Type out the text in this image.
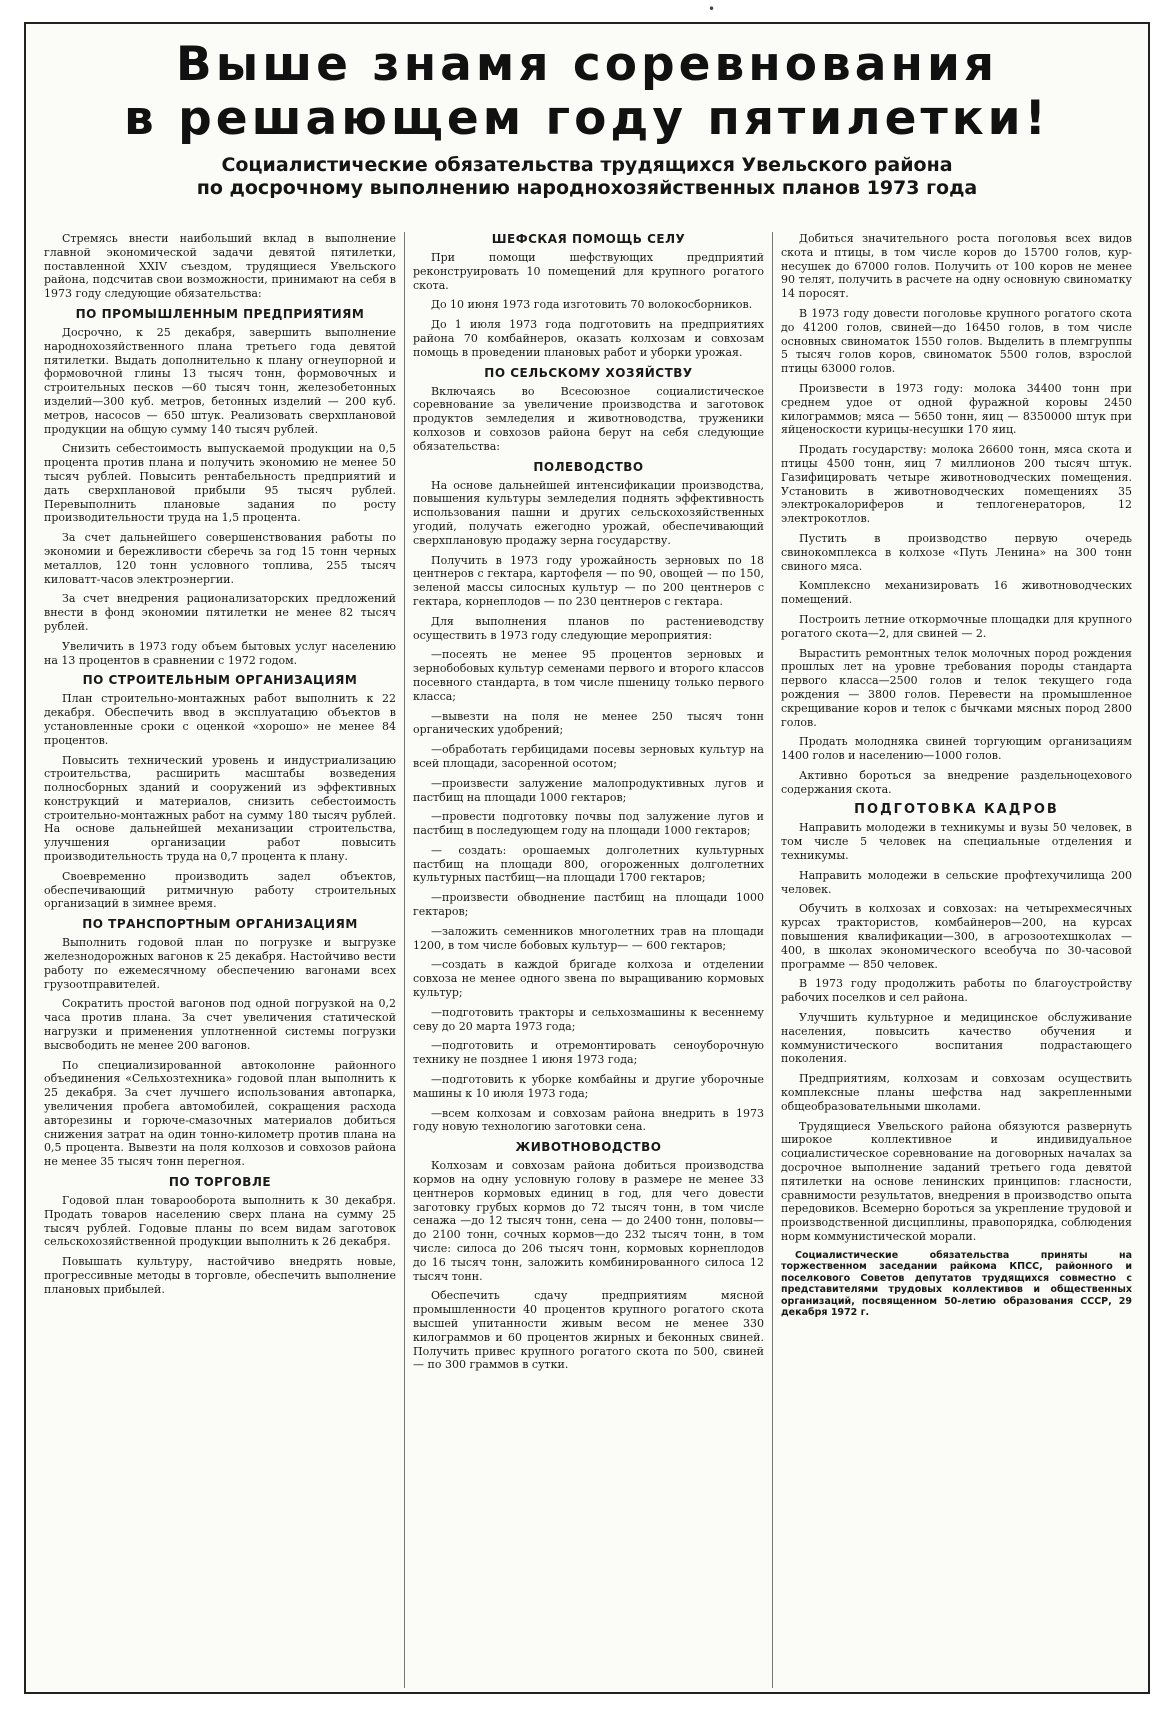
•
Выше знамя соревнования
в решающем году пятилетки!
Социалистические обязательства трудящихся Увельского района
по досрочному выполнению народнохозяйственных планов 1973 года

Стремясь внести наибольший вклад в выполнение главной экономической задачи девятой пятилетки, поставленной XXIV съездом, трудящиеся Увельского района, подсчитав свои возможности, принимают на себя в 1973 году следующие обязательства:

ПО ПРОМЫШЛЕННЫМ ПРЕДПРИЯТИЯМ

Досрочно, к 25 декабря, завершить выполнение народнохозяйственного плана третьего года девятой пятилетки. Выдать дополнительно к плану огнеупорной и формовочной глины 13 тысяч тонн, формовочных и строительных песков —60 тысяч тонн, железобетонных изделий—300 куб. метров, бетонных изделий — 200 куб. метров, насосов — 650 штук. Реализовать сверхплановой продукции на общую сумму 140 тысяч рублей.

Снизить себестоимость выпускаемой продукции на 0,5 процента против плана и получить экономию не менее 50 тысяч рублей. Повысить рентабельность предприятий и дать сверхплановой прибыли 95 тысяч рублей. Перевыполнить плановые задания по росту производительности труда на 1,5 процента.

За счет дальнейшего совершенствования работы по экономии и бережливости сберечь за год 15 тонн черных металлов, 120 тонн условного топлива, 255 тысяч киловатт-часов электроэнергии.

За счет внедрения рационализаторских предложений внести в фонд экономии пятилетки не менее 82 тысяч рублей.

Увеличить в 1973 году объем бытовых услуг населению на 13 процентов в сравнении с 1972 годом.

ПО СТРОИТЕЛЬНЫМ ОРГАНИЗАЦИЯМ

План строительно-монтажных работ выполнить к 22 декабря. Обеспечить ввод в эксплуатацию объектов в установленные сроки с оценкой «хорошо» не менее 84 процентов.

Повысить технический уровень и индустриализацию строительства, расширить масштабы возведения полносборных зданий и сооружений из эффективных конструкций и материалов, снизить себестоимость строительно-монтажных работ на сумму 180 тысяч рублей. На основе дальнейшей механизации строительства, улучшения организации работ повысить производительность труда на 0,7 процента к плану.

Своевременно производить задел объектов, обеспечивающий ритмичную работу строительных организаций в зимнее время.

ПО ТРАНСПОРТНЫМ ОРГАНИЗАЦИЯМ

Выполнить годовой план по погрузке и выгрузке железнодорожных вагонов к 25 декабря. Настойчиво вести работу по ежемесячному обеспечению вагонами всех грузоотправителей.

Сократить простой вагонов под одной погрузкой на 0,2 часа против плана. За счет увеличения статической нагрузки и применения уплотненной системы погрузки высвободить не менее 200 вагонов.

По специализированной автоколонне районного объединения «Сельхозтехника» годовой план выполнить к 25 декабря. За счет лучшего использования автопарка, увеличения пробега автомобилей, сокращения расхода авторезины и горюче-смазочных материалов добиться снижения затрат на один тонно-километр против плана на 0,5 процента. Вывезти на поля колхозов и совхозов района не менее 35 тысяч тонн перегноя.

ПО ТОРГОВЛЕ

Годовой план товарооборота выполнить к 30 декабря. Продать товаров населению сверх плана на сумму 25 тысяч рублей. Годовые планы по всем видам заготовок сельскохозяйственной продукции выполнить к 26 декабря.

Повышать культуру, настойчиво внедрять новые, прогрессивные методы в торговле, обеспечить выполнение плановых прибылей.

ШЕФСКАЯ ПОМОЩЬ СЕЛУ

При помощи шефствующих предприятий реконструировать 10 помещений для крупного рогатого скота.

До 10 июня 1973 года изготовить 70 волокосборников.

До 1 июля 1973 года подготовить на предприятиях района 70 комбайнеров, оказать колхозам и совхозам помощь в проведении плановых работ и уборки урожая.

ПО СЕЛЬСКОМУ ХОЗЯЙСТВУ

Включаясь во Всесоюзное социалистическое соревнование за увеличение производства и заготовок продуктов земледелия и животноводства, труженики колхозов и совхозов района берут на себя следующие обязательства:

ПОЛЕВОДСТВО

На основе дальнейшей интенсификации производства, повышения культуры земледелия поднять эффективность использования пашни и других сельскохозяйственных угодий, получать ежегодно урожай, обеспечивающий сверхплановую продажу зерна государству.

Получить в 1973 году урожайность зерновых по 18 центнеров с гектара, картофеля — по 90, овощей — по 150, зеленой массы силосных культур — по 200 центнеров с гектара, корнеплодов — по 230 центнеров с гектара.

Для выполнения планов по растениеводству осуществить в 1973 году следующие мероприятия:

—посеять не менее 95 процентов зерновых и зернобобовых культур семенами первого и второго классов посевного стандарта, в том числе пшеницу только первого класса;

—вывезти на поля не менее 250 тысяч тонн органических удобрений;

—обработать гербицидами посевы зерновых культур на всей площади, засоренной осотом;

—произвести залужение малопродуктивных лугов и пастбищ на площади 1000 гектаров;

—провести подготовку почвы под залужение лугов и пастбищ в последующем году на площади 1000 гектаров;

— создать: орошаемых долголетних культурных пастбищ на площади 800, огороженных долголетних культурных пастбищ—на площади 1700 гектаров;

—произвести обводнение пастбищ на площади 1000 гектаров;

—заложить семенников многолетних трав на площади 1200, в том числе бобовых культур— — 600 гектаров;

—создать в каждой бригаде колхоза и отделении совхоза не менее одного звена по выращиванию кормовых культур;

—подготовить тракторы и сельхозмашины к весеннему севу до 20 марта 1973 года;

—подготовить и отремонтировать сеноуборочную технику не позднее 1 июня 1973 года;

—подготовить к уборке комбайны и другие уборочные машины к 10 июля 1973 года;

—всем колхозам и совхозам района внедрить в 1973 году новую технологию заготовки сена.

ЖИВОТНОВОДСТВО

Колхозам и совхозам района добиться производства кормов на одну условную голову в размере не менее 33 центнеров кормовых единиц в год, для чего довести заготовку грубых кормов до 72 тысяч тонн, в том числе сенажа —до 12 тысяч тонн, сена — до 2400 тонн, половы—до 2100 тонн, сочных кормов—до 232 тысяч тонн, в том числе: силоса до 206 тысяч тонн, кормовых корнеплодов до 16 тысяч тонн, заложить комбинированного силоса 12 тысяч тонн.

Обеспечить сдачу предприятиям мясной промышленности 40 процентов крупного рогатого скота высшей упитанности живым весом не менее 330 килограммов и 60 процентов жирных и беконных свиней. Получить привес крупного рогатого скота по 500, свиней — по 300 граммов в сутки.

Добиться значительного роста поголовья всех видов скота и птицы, в том числе коров до 15700 голов, кур-несушек до 67000 голов. Получить от 100 коров не менее 90 телят, получить в расчете на одну основную свиноматку 14 поросят.

В 1973 году довести поголовье крупного рогатого скота до 41200 голов, свиней—до 16450 голов, в том числе основных свиноматок 1550 голов. Выделить в племгруппы 5 тысяч голов коров, свиноматок 5500 голов, взрослой птицы 63000 голов.

Произвести в 1973 году: молока 34400 тонн при среднем удое от одной фуражной коровы 2450 килограммов; мяса — 5650 тонн, яиц — 8350000 штук при яйценоскости курицы-несушки 170 яиц.

Продать государству: молока 26600 тонн, мяса скота и птицы 4500 тонн, яиц 7 миллионов 200 тысяч штук. Газифицировать четыре животноводческих помещения. Установить в животноводческих помещениях 35 электрокалориферов и теплогенераторов, 12 электрокотлов.

Пустить в производство первую очередь свинокомплекса в колхозе «Путь Ленина» на 300 тонн свиного мяса.

Комплексно механизировать 16 животноводческих помещений.

Построить летние откормочные площадки для крупного рогатого скота—2, для свиней — 2.

Вырастить ремонтных телок молочных пород рождения прошлых лет на уровне требования породы стандарта первого класса—2500 голов и телок текущего года рождения — 3800 голов. Перевести на промышленное скрещивание коров и телок с бычками мясных пород 2800 голов.

Продать молодняка свиней торгующим организациям 1400 голов и населению—1000 голов.

Активно бороться за внедрение раздельноцехового содержания скота.

ПОДГОТОВКА КАДРОВ

Направить молодежи в техникумы и вузы 50 человек, в том числе 5 человек на специальные отделения и техникумы.

Направить молодежи в сельские профтехучилища 200 человек.

Обучить в колхозах и совхозах: на четырехмесячных курсах трактористов, комбайнеров—200, на курсах повышения квалификации—300, в агрозоотехшколах — 400, в школах экономического всеобуча по 30-часовой программе — 850 человек.

В 1973 году продолжить работы по благоустройству рабочих поселков и сел района.

Улучшить культурное и медицинское обслуживание населения, повысить качество обучения и коммунистического воспитания подрастающего поколения.

Предприятиям, колхозам и совхозам осуществить комплексные планы шефства над закрепленными общеобразовательными школами.

Трудящиеся Увельского района обязуются развернуть широкое коллективное и индивидуальное социалистическое соревнование на договорных началах за досрочное выполнение заданий третьего года девятой пятилетки на основе ленинских принципов: гласности, сравнимости результатов, внедрения в производство опыта передовиков. Всемерно бороться за укрепление трудовой и производственной дисциплины, правопорядка, соблюдения норм коммунистической морали.

Социалистические обязательства приняты на торжественном заседании райкома КПСС, районного и поселкового Советов депутатов трудящихся совместно с представителями трудовых коллективов и общественных организаций, посвященном 50-летию образования СССР, 29 декабря 1972 г.
